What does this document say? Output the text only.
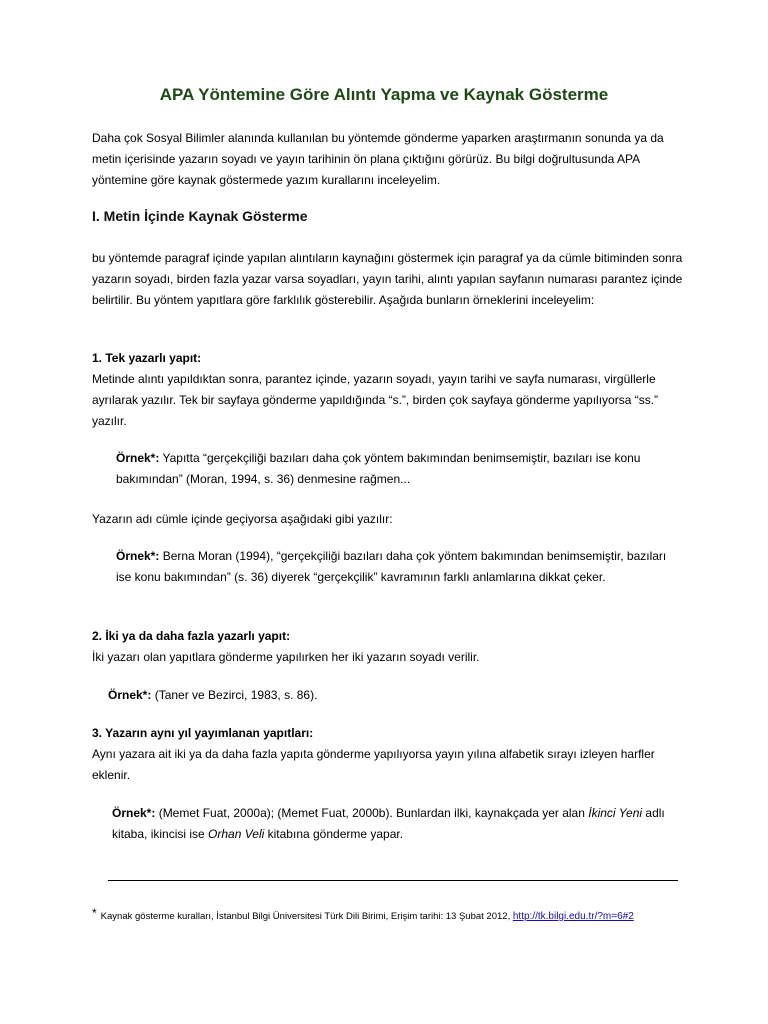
APA Yöntemine Göre Alıntı Yapma ve Kaynak Gösterme

Daha çok Sosyal Bilimler alanında kullanılan bu yöntemde gönderme yaparken araştırmanın sonunda ya da metin içerisinde yazarın soyadı ve yayın tarihinin ön plana çıktığını görürüz. Bu bilgi doğrultusunda APA yöntemine göre kaynak göstermede yazım kurallarını inceleyelim.

I. Metin İçinde Kaynak Gösterme

bu yöntemde paragraf içinde yapılan alıntıların kaynağını göstermek için paragraf ya da cümle bitiminden sonra yazarın soyadı, birden fazla yazar varsa soyadları, yayın tarihi, alıntı yapılan sayfanın numarası parantez içinde belirtilir. Bu yöntem yapıtlara göre farklılık gösterebilir. Aşağıda bunların örneklerini inceleyelim:

1. Tek yazarlı yapıt:

Metinde alıntı yapıldıktan sonra, parantez içinde, yazarın soyadı, yayın tarihi ve sayfa numarası, virgüllerle ayrılarak yazılır. Tek bir sayfaya gönderme yapıldığında “s.”, birden çok sayfaya gönderme yapılıyorsa “ss.” yazılır.

Örnek*: Yapıtta “gerçekçiliği bazıları daha çok yöntem bakımından benimsemiştir, bazıları ise konu bakımından” (Moran, 1994, s. 36) denmesine rağmen...

Yazarın adı cümle içinde geçiyorsa aşağıdaki gibi yazılır:

Örnek*: Berna Moran (1994), “gerçekçiliği bazıları daha çok yöntem bakımından benimsemiştir, bazıları ise konu bakımından” (s. 36) diyerek “gerçekçilik” kavramının farklı anlamlarına dikkat çeker.

2. İki ya da daha fazla yazarlı yapıt:

İki yazarı olan yapıtlara gönderme yapılırken her iki yazarın soyadı verilir.

Örnek*: (Taner ve Bezirci, 1983, s. 86).

3. Yazarın aynı yıl yayımlanan yapıtları:

Aynı yazara ait iki ya da daha fazla yapıta gönderme yapılıyorsa yayın yılına alfabetik sırayı izleyen harfler eklenir.

Örnek*: (Memet Fuat, 2000a); (Memet Fuat, 2000b). Bunlardan ilki, kaynakçada yer alan İkinci Yeni adlı kitaba, ikincisi ise Orhan Veli kitabına gönderme yapar.

* Kaynak gösterme kuralları, İstanbul Bilgi Üniversitesi Türk Dili Birimi, Erişim tarihi: 13 Şubat 2012, http://tk.bilgi.edu.tr/?m=6#2
